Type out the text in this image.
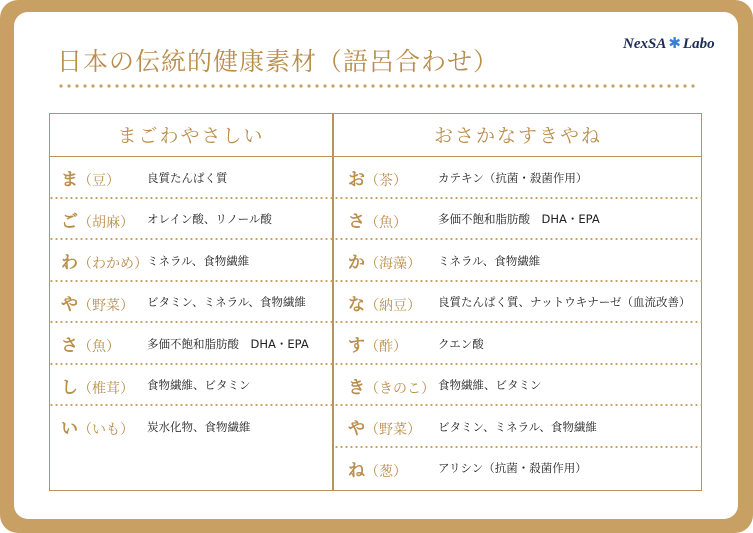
日本の伝統的健康素材（語呂合わせ）
NexSA ✱ Labo
まごわやさしい
ま（豆）	良質たんぱく質
ご（胡麻）	オレイン酸、リノール酸
わ（わかめ） ミネラル、食物繊維
や（野菜）	ビタミン、ミネラル、食物繊維
さ（魚）	多価不飽和脂肪酸　DHA・EPA
し（椎茸）	食物繊維、ビタミン
い（いも）	炭水化物、食物繊維
おさかなすきやね
お（茶）	カテキン（抗菌・殺菌作用）
さ（魚）	多価不飽和脂肪酸　DHA・EPA
か（海藻）	ミネラル、食物繊維
な（納豆）	良質たんぱく質、ナットウキナーゼ（血流改善）
す（酢）	クエン酸
き（きのこ） 食物繊維、ビタミン
や（野菜）	ビタミン、ミネラル、食物繊維
ね（葱）	アリシン（抗菌・殺菌作用）
